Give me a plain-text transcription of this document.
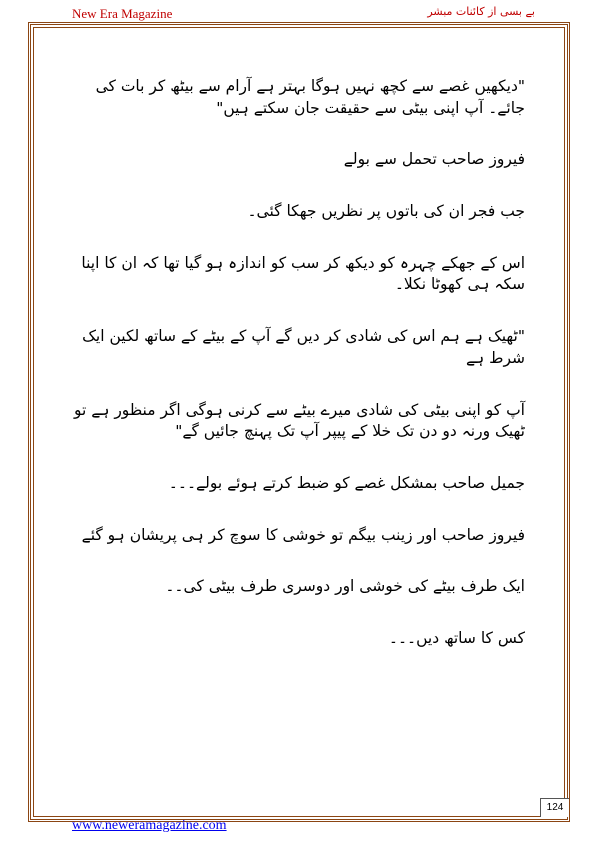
New Era Magazine	بے بسی از کائنات مبشر

"دیکھیں غصے سے کچھ نہیں ہوگا بہتر ہے آرام سے بیٹھ کر بات کی جائے۔ آپ اپنی بیٹی سے حقیقت جان سکتے ہیں"

فیروز صاحب تحمل سے بولے

جب فجر ان کی باتوں پر نظریں جھکا گئی۔

اس کے جھکے چہرہ کو دیکھ کر سب کو اندازہ ہو گیا تھا کہ ان کا اپنا سکہ ہی کھوٹا نکلا۔

"ٹھیک ہے ہم اس کی شادی کر دیں گے آپ کے بیٹے کے ساتھ لکین ایک شرط ہے

آپ کو اپنی بیٹی کی شادی میرے بیٹے سے کرنی ہوگی اگر منظور ہے تو ٹھیک ورنہ دو دن تک خلا کے پیپر آپ تک پہنچ جائیں گے"

جمیل صاحب بمشکل غصے کو ضبط کرتے ہوئے بولے۔۔۔

فیروز صاحب اور زینب بیگم تو خوشی کا سوچ کر ہی پریشان ہو گئے

ایک طرف بیٹے کی خوشی اور دوسری طرف بیٹی کی۔۔

کس کا ساتھ دیں۔۔۔

124
www.neweramagazine.com
